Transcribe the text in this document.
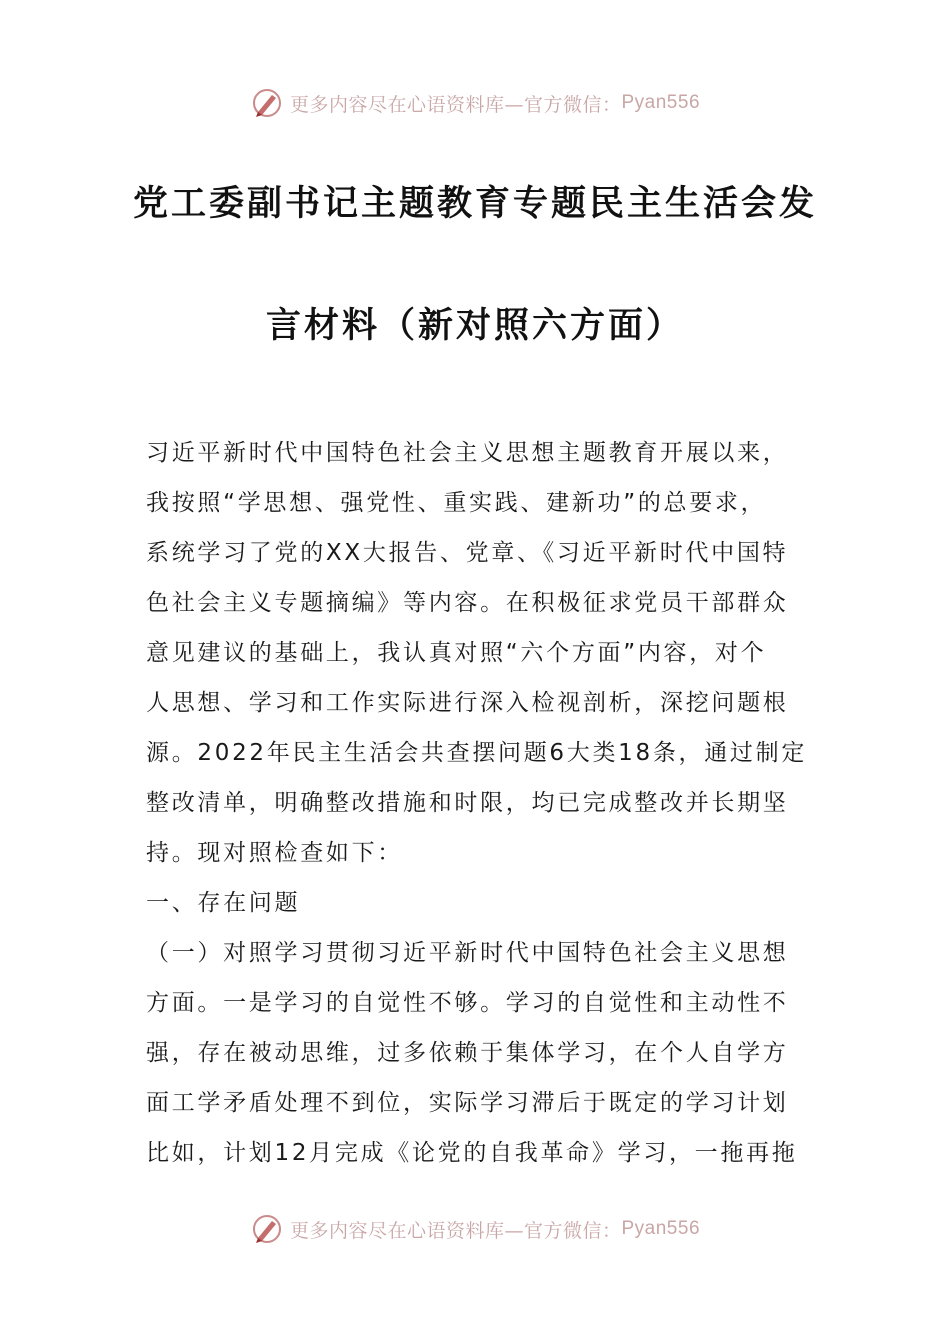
更多内容尽在心语资料库—官方微信： Pyan556
党工委副书记主题教育专题民主生活会发
言材料（新对照六方面）
习近平新时代中国特色社会主义思想主题教育开展以来，
我按照“学思想、强党性、重实践、建新功”的总要求，
系统学习了党的XX大报告、党章、《习近平新时代中国特
色社会主义专题摘编》等内容。在积极征求党员干部群众
意见建议的基础上，我认真对照“六个方面”内容，对个
人思想、学习和工作实际进行深入检视剖析，深挖问题根
源。2022年民主生活会共查摆问题6大类18条，通过制定
整改清单，明确整改措施和时限，均已完成整改并长期坚
持。现对照检查如下：
一、存在问题
（一）对照学习贯彻习近平新时代中国特色社会主义思想
方面。一是学习的自觉性不够。学习的自觉性和主动性不
强，存在被动思维，过多依赖于集体学习，在个人自学方
面工学矛盾处理不到位，实际学习滞后于既定的学习计划
比如，计划12月完成《论党的自我革命》学习，一拖再拖
更多内容尽在心语资料库—官方微信： Pyan556
